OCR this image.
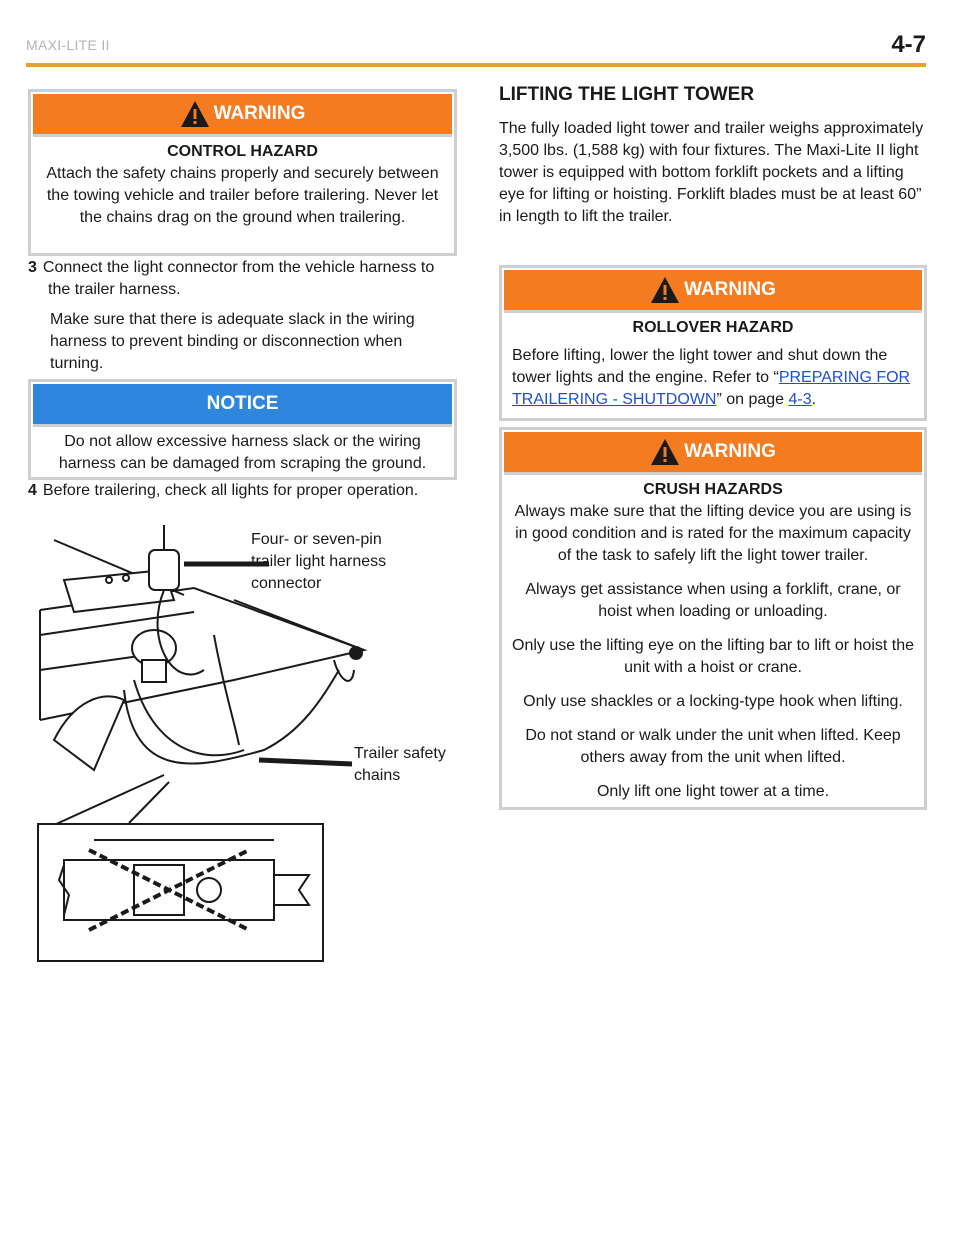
MAXI-LITE II	4-7
WARNING
CONTROL HAZARD
Attach the safety chains properly and securely between the towing vehicle and trailer before trailering. Never let the chains drag on the ground when trailering.
3 Connect the light connector from the vehicle harness to the trailer harness.
Make sure that there is adequate slack in the wiring harness to prevent binding or disconnection when turning.
NOTICE
Do not allow excessive harness slack or the wiring harness can be damaged from scraping the ground.
4 Before trailering, check all lights for proper operation.
Four- or seven-pin trailer light harness connector
Trailer safety chains
LIFTING THE LIGHT TOWER
The fully loaded light tower and trailer weighs approximately 3,500 lbs. (1,588 kg) with four fixtures. The Maxi-Lite II light tower is equipped with bottom forklift pockets and a lifting eye for lifting or hoisting. Forklift blades must be at least 60” in length to lift the trailer.
WARNING
ROLLOVER HAZARD
Before lifting, lower the light tower and shut down the tower lights and the engine. Refer to “PREPARING FOR TRAILERING - SHUTDOWN” on page 4-3.
WARNING
CRUSH HAZARDS
Always make sure that the lifting device you are using is in good condition and is rated for the maximum capacity of the task to safely lift the light tower trailer.
Always get assistance when using a forklift, crane, or hoist when loading or unloading.
Only use the lifting eye on the lifting bar to lift or hoist the unit with a hoist or crane.
Only use shackles or a locking-type hook when lifting.
Do not stand or walk under the unit when lifted. Keep others away from the unit when lifted.
Only lift one light tower at a time.
